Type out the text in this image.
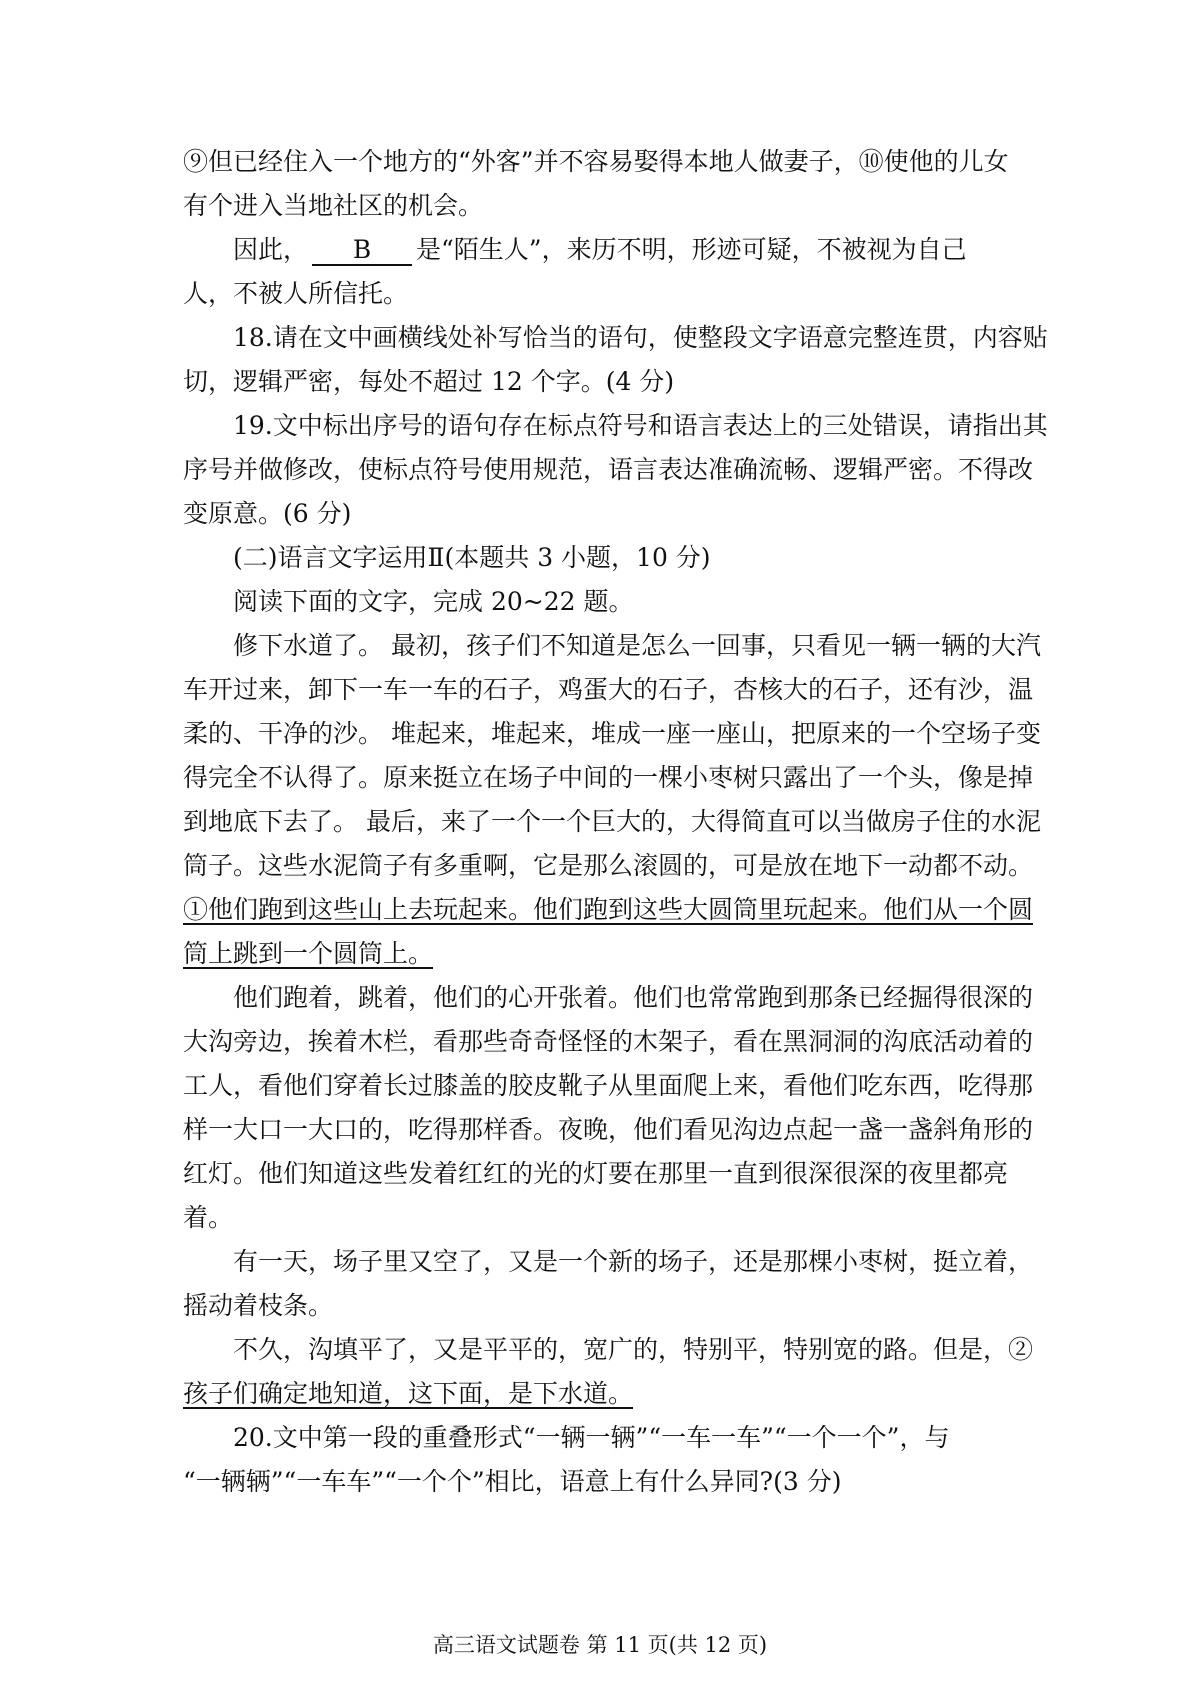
⑨但已经住入一个地方的“外客”并不容易娶得本地人做妻子，⑩使他的儿女
有个进入当地社区的机会。
因此， B 是“陌生人”，来历不明，形迹可疑，不被视为自己
人，不被人所信托。
18.请在文中画横线处补写恰当的语句，使整段文字语意完整连贯，内容贴
切，逻辑严密，每处不超过 12 个字。(4 分)
19.文中标出序号的语句存在标点符号和语言表达上的三处错误，请指出其
序号并做修改，使标点符号使用规范，语言表达准确流畅、逻辑严密。不得改
变原意。(6 分)
(二)语言文字运用Ⅱ(本题共 3 小题，10 分)
阅读下面的文字，完成 20~22 题。
修下水道了。 最初，孩子们不知道是怎么一回事，只看见一辆一辆的大汽
车开过来，卸下一车一车的石子，鸡蛋大的石子，杏核大的石子，还有沙，温
柔的、干净的沙。 堆起来，堆起来，堆成一座一座山，把原来的一个空场子变
得完全不认得了。原来挺立在场子中间的一棵小枣树只露出了一个头，像是掉
到地底下去了。 最后，来了一个一个巨大的，大得简直可以当做房子住的水泥
筒子。这些水泥筒子有多重啊，它是那么滚圆的，可是放在地下一动都不动。
①他们跑到这些山上去玩起来。他们跑到这些大圆筒里玩起来。他们从一个圆
筒上跳到一个圆筒上。
他们跑着，跳着，他们的心开张着。他们也常常跑到那条已经掘得很深的
大沟旁边，挨着木栏，看那些奇奇怪怪的木架子，看在黑洞洞的沟底活动着的
工人，看他们穿着长过膝盖的胶皮靴子从里面爬上来，看他们吃东西，吃得那
样一大口一大口的，吃得那样香。夜晚，他们看见沟边点起一盏一盏斜角形的
红灯。他们知道这些发着红红的光的灯要在那里一直到很深很深的夜里都亮
着。
有一天，场子里又空了，又是一个新的场子，还是那棵小枣树，挺立着，
摇动着枝条。
不久，沟填平了，又是平平的，宽广的，特别平，特别宽的路。但是，②
孩子们确定地知道，这下面，是下水道。
20.文中第一段的重叠形式“一辆一辆”“一车一车”“一个一个”，与
“一辆辆”“一车车”“一个个”相比，语意上有什么异同?(3 分)
高三语文试题卷 第 11 页(共 12 页)
